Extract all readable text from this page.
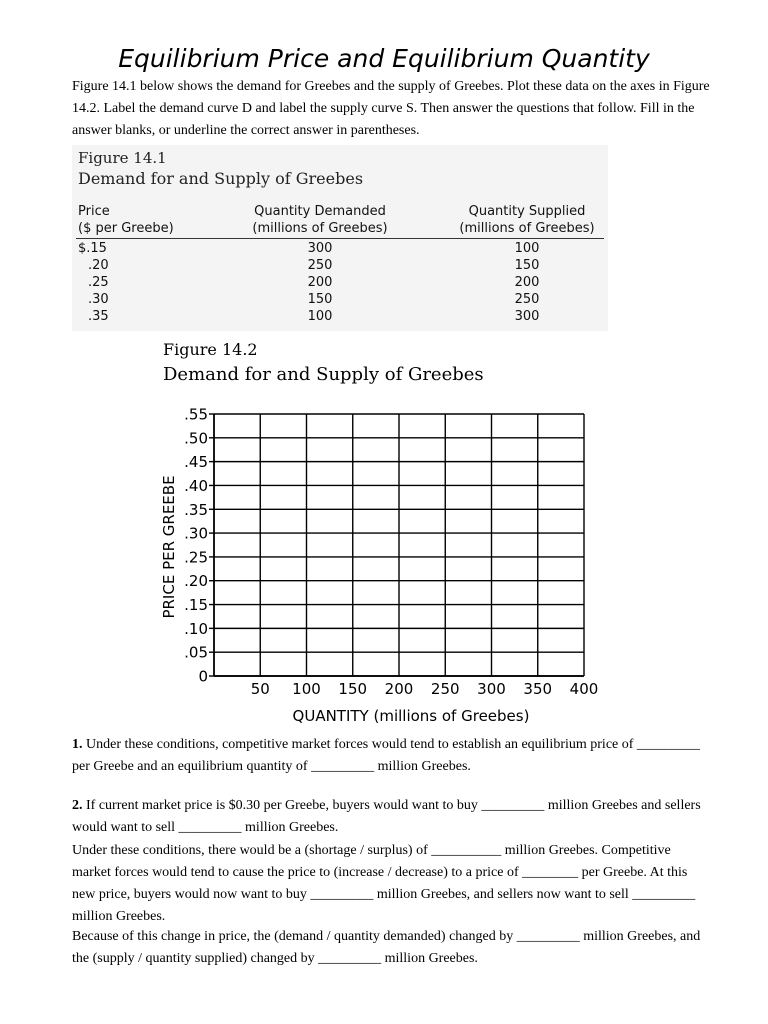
Equilibrium Price and Equilibrium Quantity

Figure 14.1 below shows the demand for Greebes and the supply of Greebes. Plot these data on the axes in Figure 14.2. Label the demand curve D and label the supply curve S. Then answer the questions that follow. Fill in the answer blanks, or underline the correct answer in parentheses.

Figure 14.1
Demand for and Supply of Greebes
Price
($ per Greebe)
Quantity Demanded
(millions of Greebes)
Quantity Supplied
(millions of Greebes)
$.15
.20
.25
.30
.35
300
250
200
150
100
100
150
200
250
300
Figure 14.2
Demand for and Supply of Greebes
.55
.50
.45
.40
.35
.30
.25
.20
.15
.10
.05
0
50 100 150 200 250 300 350 400
QUANTITY (millions of Greebes)
PRICE PER GREEBE

1. Under these conditions, competitive market forces would tend to establish an equilibrium price of _________ per Greebe and an equilibrium quantity of _________ million Greebes.

2. If current market price is $0.30 per Greebe, buyers would want to buy _________ million Greebes and sellers would want to sell _________ million Greebes.

Under these conditions, there would be a (shortage / surplus) of __________ million Greebes. Competitive market forces would tend to cause the price to (increase / decrease) to a price of ________ per Greebe. At this new price, buyers would now want to buy _________ million Greebes, and sellers now want to sell _________ million Greebes.

Because of this change in price, the (demand / quantity demanded) changed by _________ million Greebes, and the (supply / quantity supplied) changed by _________ million Greebes.
